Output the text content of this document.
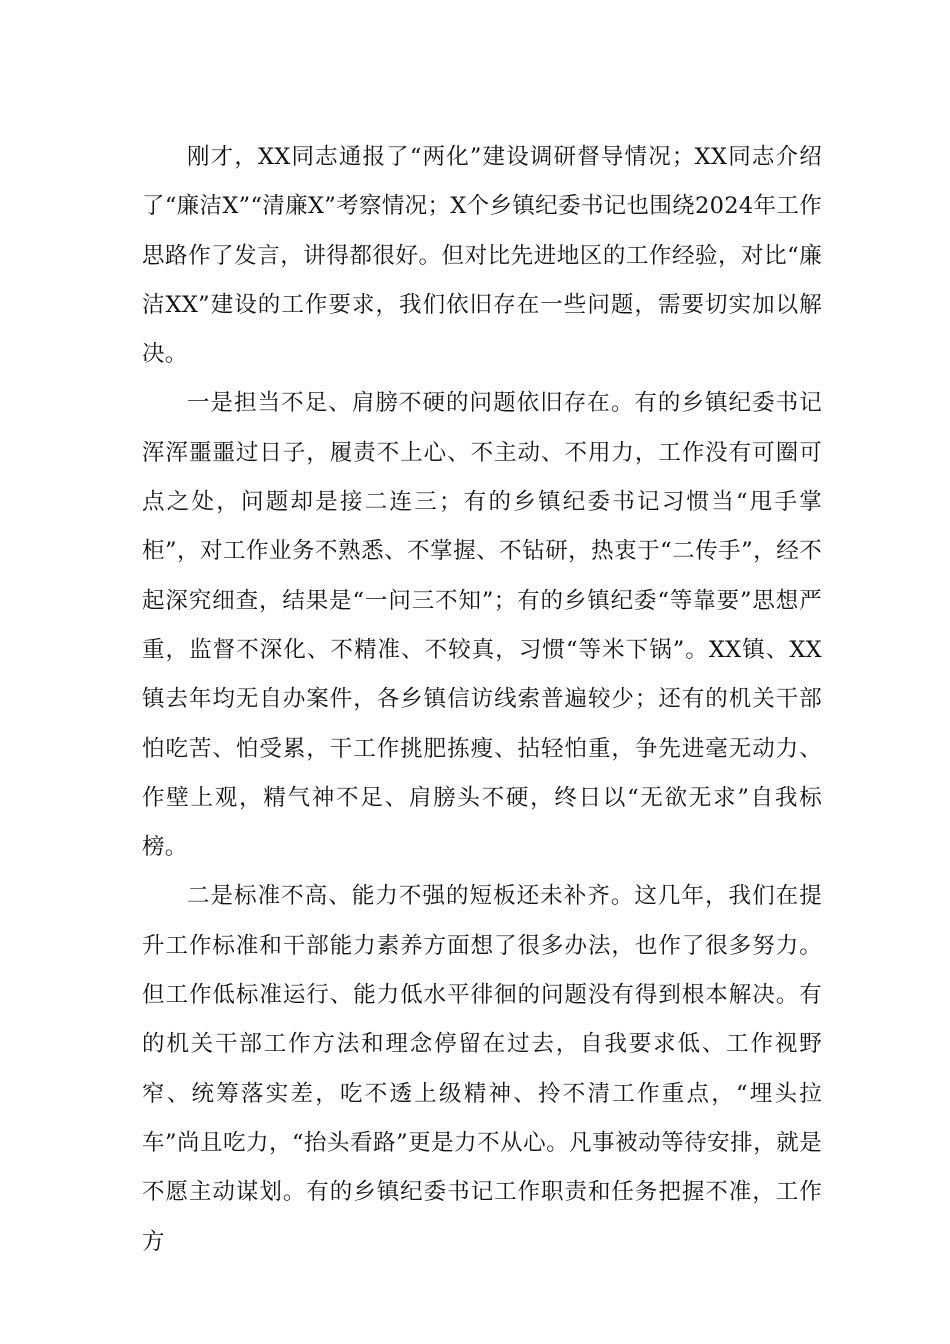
刚才，XX同志通报了“两化”建设调研督导情况；XX同志介绍了“廉洁X”“清廉X”考察情况；X个乡镇纪委书记也围绕2024年工作思路作了发言，讲得都很好。但对比先进地区的工作经验，对比“廉洁XX”建设的工作要求，我们依旧存在一些问题，需要切实加以解决。

一是担当不足、肩膀不硬的问题依旧存在。有的乡镇纪委书记浑浑噩噩过日子，履责不上心、不主动、不用力，工作没有可圈可点之处，问题却是接二连三；有的乡镇纪委书记习惯当“甩手掌柜”，对工作业务不熟悉、不掌握、不钻研，热衷于“二传手”，经不起深究细查，结果是“一问三不知”；有的乡镇纪委“等靠要”思想严重，监督不深化、不精准、不较真，习惯“等米下锅”。XX镇、XX镇去年均无自办案件，各乡镇信访线索普遍较少；还有的机关干部怕吃苦、怕受累，干工作挑肥拣瘦、拈轻怕重，争先进毫无动力、作壁上观，精气神不足、肩膀头不硬，终日以“无欲无求”自我标榜。

二是标准不高、能力不强的短板还未补齐。这几年，我们在提升工作标准和干部能力素养方面想了很多办法，也作了很多努力。但工作低标准运行、能力低水平徘徊的问题没有得到根本解决。有的机关干部工作方法和理念停留在过去，自我要求低、工作视野窄、统筹落实差，吃不透上级精神、拎不清工作重点，“埋头拉车”尚且吃力，“抬头看路”更是力不从心。凡事被动等待安排，就是不愿主动谋划。有的乡镇纪委书记工作职责和任务把握不准，工作方
